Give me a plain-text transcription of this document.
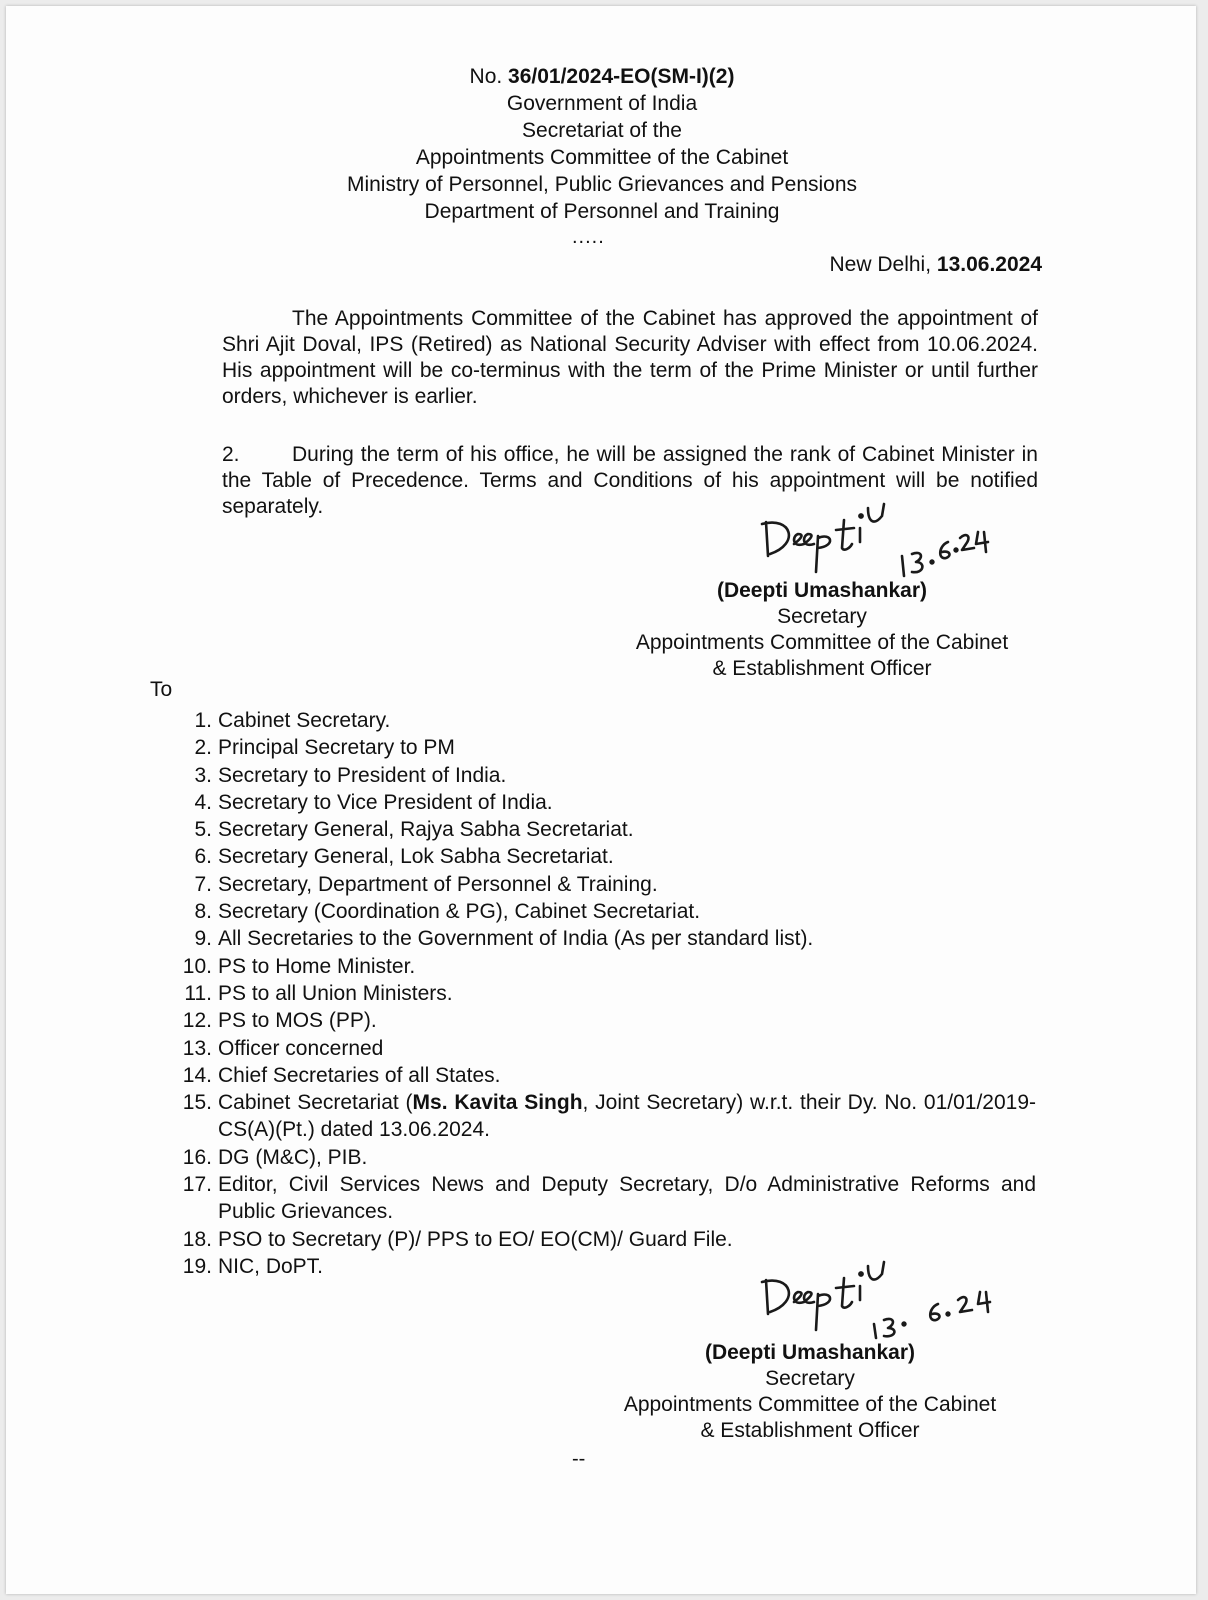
No. 36/01/2024-EO(SM-I)(2)
Government of India
Secretariat of the
Appointments Committee of the Cabinet
Ministry of Personnel, Public Grievances and Pensions
Department of Personnel and Training
.....
New Delhi, 13.06.2024
The Appointments Committee of the Cabinet has approved the appointment of Shri Ajit Doval, IPS (Retired) as National Security Adviser with effect from 10.06.2024. His appointment will be co-terminus with the term of the Prime Minister or until further orders, whichever is earlier.
2. During the term of his office, he will be assigned the rank of Cabinet Minister in the Table of Precedence. Terms and Conditions of his appointment will be notified separately.
(Deepti Umashankar)
Secretary
Appointments Committee of the Cabinet
& Establishment Officer
To
1. Cabinet Secretary.
2. Principal Secretary to PM
3. Secretary to President of India.
4. Secretary to Vice President of India.
5. Secretary General, Rajya Sabha Secretariat.
6. Secretary General, Lok Sabha Secretariat.
7. Secretary, Department of Personnel & Training.
8. Secretary (Coordination & PG), Cabinet Secretariat.
9. All Secretaries to the Government of India (As per standard list).
10. PS to Home Minister.
11. PS to all Union Ministers.
12. PS to MOS (PP).
13. Officer concerned
14. Chief Secretaries of all States.
15. Cabinet Secretariat (Ms. Kavita Singh, Joint Secretary) w.r.t. their Dy. No. 01/01/2019-CS(A)(Pt.) dated 13.06.2024.
16. DG (M&C), PIB.
17. Editor, Civil Services News and Deputy Secretary, D/o Administrative Reforms and Public Grievances.
18. PSO to Secretary (P)/ PPS to EO/ EO(CM)/ Guard File.
19. NIC, DoPT.
(Deepti Umashankar)
Secretary
Appointments Committee of the Cabinet
& Establishment Officer
--
